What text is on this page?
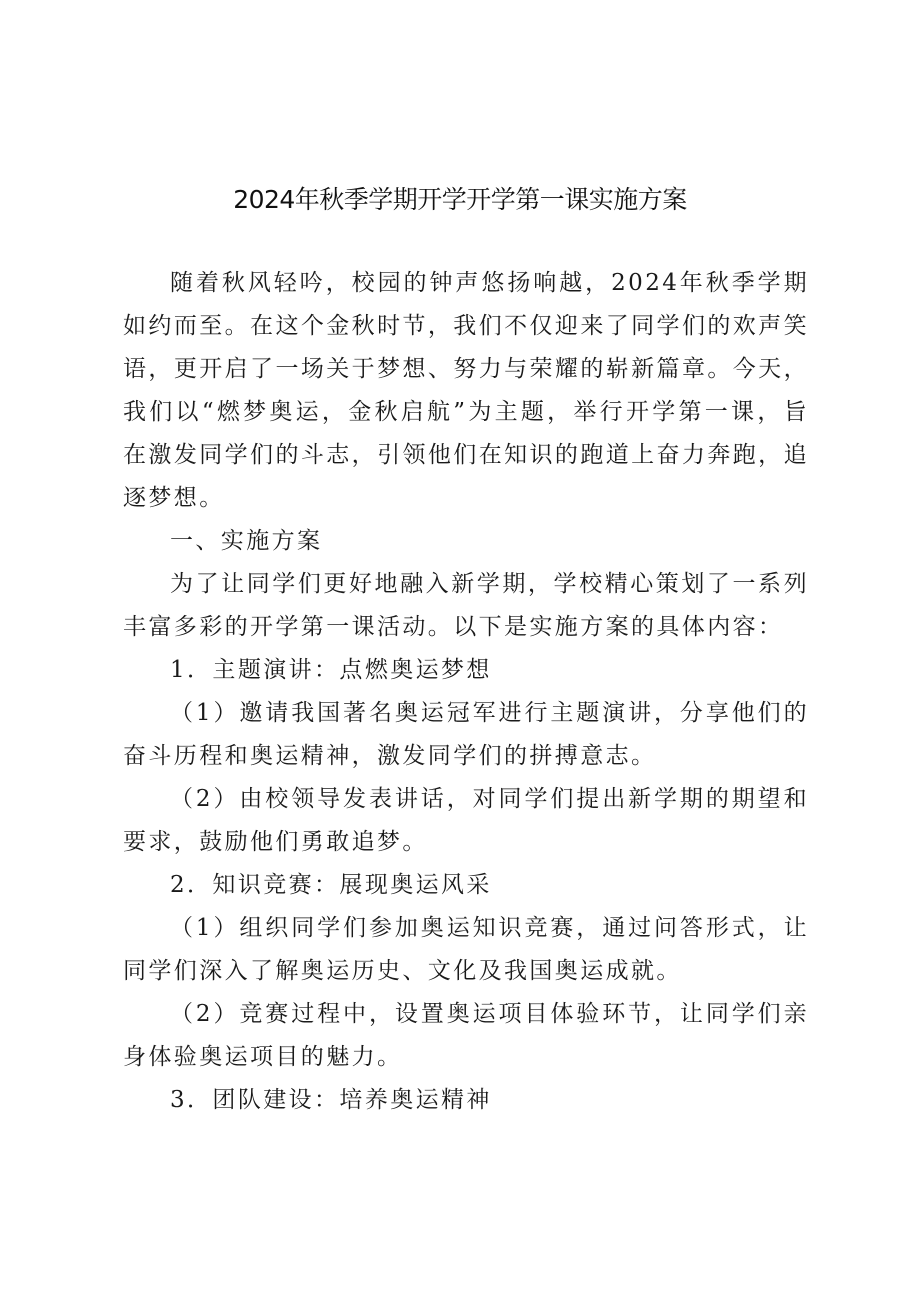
2024年秋季学期开学开学第一课实施方案

随着秋风轻吟，校园的钟声悠扬响越，2024年秋季学期如约而至。在这个金秋时节，我们不仅迎来了同学们的欢声笑语，更开启了一场关于梦想、努力与荣耀的崭新篇章。今天，我们以“燃梦奥运，金秋启航”为主题，举行开学第一课，旨在激发同学们的斗志，引领他们在知识的跑道上奋力奔跑，追逐梦想。

一、实施方案

为了让同学们更好地融入新学期，学校精心策划了一系列丰富多彩的开学第一课活动。以下是实施方案的具体内容：

1．主题演讲：点燃奥运梦想

（1）邀请我国著名奥运冠军进行主题演讲，分享他们的奋斗历程和奥运精神，激发同学们的拼搏意志。

（2）由校领导发表讲话，对同学们提出新学期的期望和要求，鼓励他们勇敢追梦。

2．知识竞赛：展现奥运风采

（1）组织同学们参加奥运知识竞赛，通过问答形式，让同学们深入了解奥运历史、文化及我国奥运成就。

（2）竞赛过程中，设置奥运项目体验环节，让同学们亲身体验奥运项目的魅力。

3．团队建设：培养奥运精神
